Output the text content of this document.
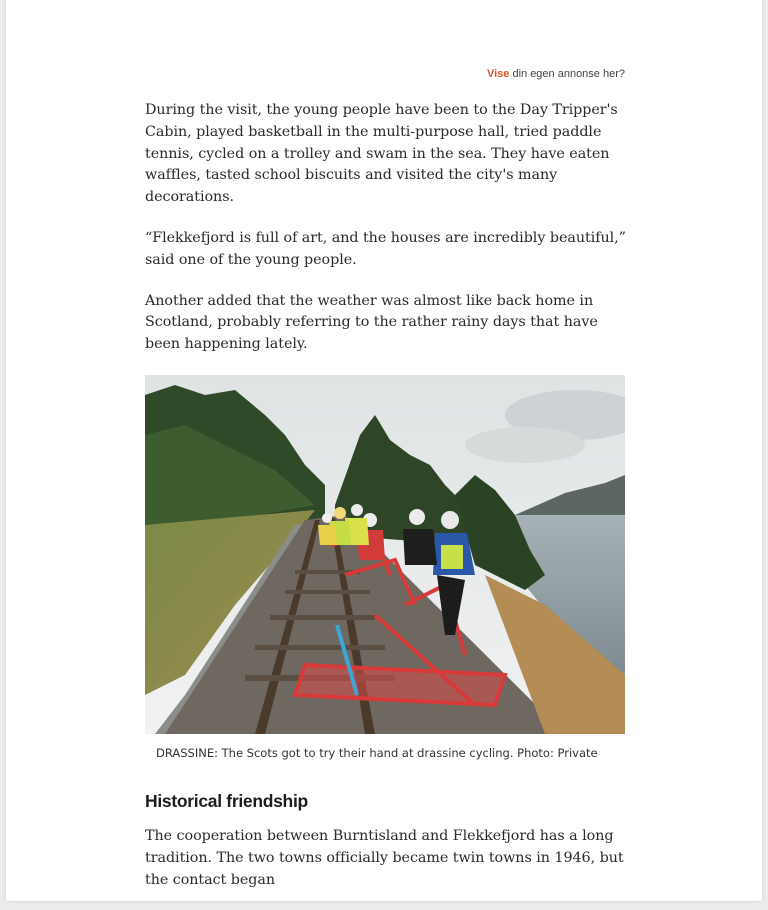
Vise din egen annonse her?

During the visit, the young people have been to the Day Tripper's Cabin, played basketball in the multi-purpose hall, tried paddle tennis, cycled on a trolley and swam in the sea. They have eaten waffles, tasted school biscuits and visited the city's many decorations.

“Flekkefjord is full of art, and the houses are incredibly beautiful,” said one of the young people.

Another added that the weather was almost like back home in Scotland, probably referring to the rather rainy days that have been happening lately.

DRASSINE: The Scots got to try their hand at drassine cycling. Photo: Private
Historical friendship

The cooperation between Burntisland and Flekkefjord has a long tradition. The two towns officially became twin towns in 1946, but the contact began
